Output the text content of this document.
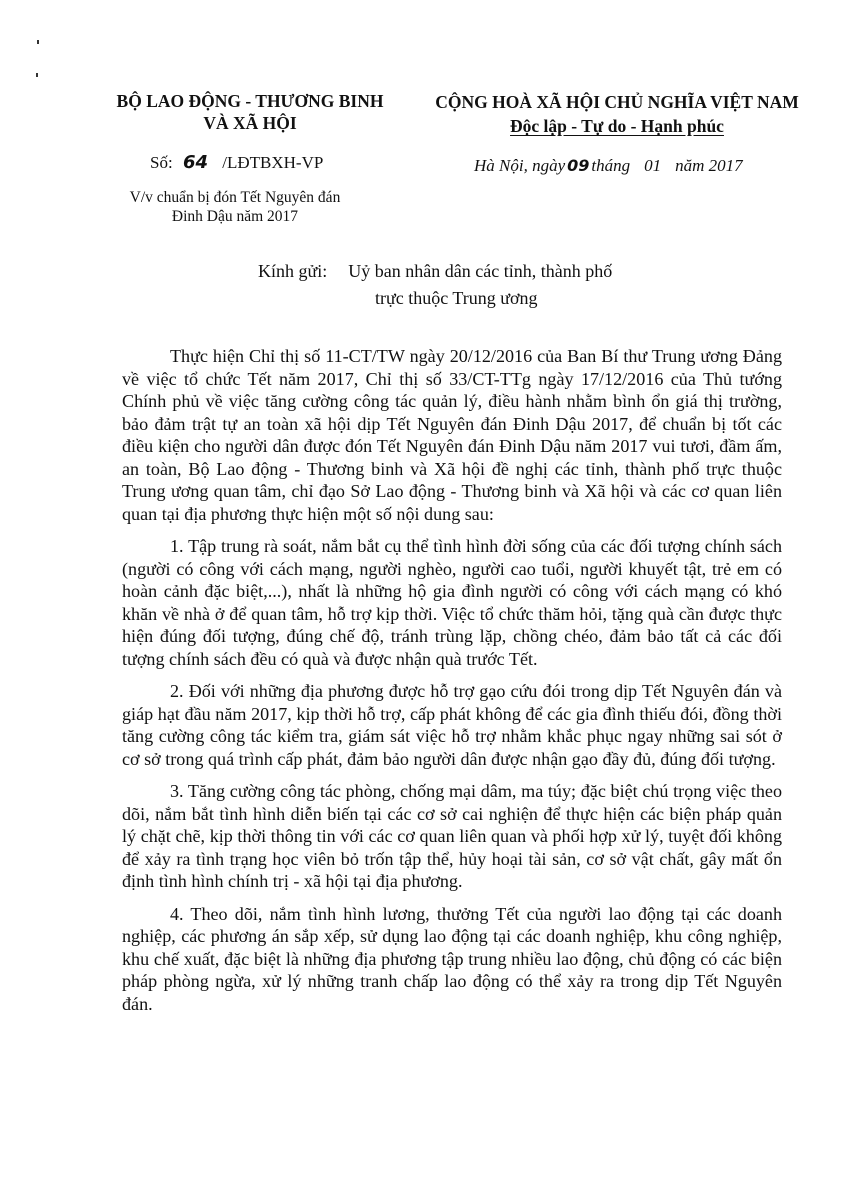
BỘ LAO ĐỘNG - THƯƠNG BINH
VÀ XÃ HỘI
CỘNG HOÀ XÃ HỘI CHỦ NGHĨA VIỆT NAM
Độc lập - Tự do - Hạnh phúc
Số: 64 /LĐTBXH-VP
V/v chuẩn bị đón Tết Nguyên đán
Đinh Dậu năm 2017
Hà Nội, ngày 09 tháng 01 năm 2017
Kính gửi: Uỷ ban nhân dân các tỉnh, thành phố
trực thuộc Trung ương

Thực hiện Chỉ thị số 11-CT/TW ngày 20/12/2016 của Ban Bí thư Trung ương Đảng về việc tổ chức Tết năm 2017, Chỉ thị số 33/CT-TTg ngày 17/12/2016 của Thủ tướng Chính phủ về việc tăng cường công tác quản lý, điều hành nhằm bình ổn giá thị trường, bảo đảm trật tự an toàn xã hội dịp Tết Nguyên đán Đinh Dậu 2017, để chuẩn bị tốt các điều kiện cho người dân được đón Tết Nguyên đán Đinh Dậu năm 2017 vui tươi, đầm ấm, an toàn, Bộ Lao động - Thương binh và Xã hội đề nghị các tỉnh, thành phố trực thuộc Trung ương quan tâm, chỉ đạo Sở Lao động - Thương binh và Xã hội và các cơ quan liên quan tại địa phương thực hiện một số nội dung sau:

1. Tập trung rà soát, nắm bắt cụ thể tình hình đời sống của các đối tượng chính sách (người có công với cách mạng, người nghèo, người cao tuổi, người khuyết tật, trẻ em có hoàn cảnh đặc biệt,...), nhất là những hộ gia đình người có công với cách mạng có khó khăn về nhà ở để quan tâm, hỗ trợ kịp thời. Việc tổ chức thăm hỏi, tặng quà cần được thực hiện đúng đối tượng, đúng chế độ, tránh trùng lặp, chồng chéo, đảm bảo tất cả các đối tượng chính sách đều có quà và được nhận quà trước Tết.

2. Đối với những địa phương được hỗ trợ gạo cứu đói trong dịp Tết Nguyên đán và giáp hạt đầu năm 2017, kịp thời hỗ trợ, cấp phát không để các gia đình thiếu đói, đồng thời tăng cường công tác kiểm tra, giám sát việc hỗ trợ nhằm khắc phục ngay những sai sót ở cơ sở trong quá trình cấp phát, đảm bảo người dân được nhận gạo đầy đủ, đúng đối tượng.

3. Tăng cường công tác phòng, chống mại dâm, ma túy; đặc biệt chú trọng việc theo dõi, nắm bắt tình hình diễn biến tại các cơ sở cai nghiện để thực hiện các biện pháp quản lý chặt chẽ, kịp thời thông tin với các cơ quan liên quan và phối hợp xử lý, tuyệt đối không để xảy ra tình trạng học viên bỏ trốn tập thể, hủy hoại tài sản, cơ sở vật chất, gây mất ổn định tình hình chính trị - xã hội tại địa phương.

4. Theo dõi, nắm tình hình lương, thưởng Tết của người lao động tại các doanh nghiệp, các phương án sắp xếp, sử dụng lao động tại các doanh nghiệp, khu công nghiệp, khu chế xuất, đặc biệt là những địa phương tập trung nhiều lao động, chủ động có các biện pháp phòng ngừa, xử lý những tranh chấp lao động có thể xảy ra trong dịp Tết Nguyên đán.
